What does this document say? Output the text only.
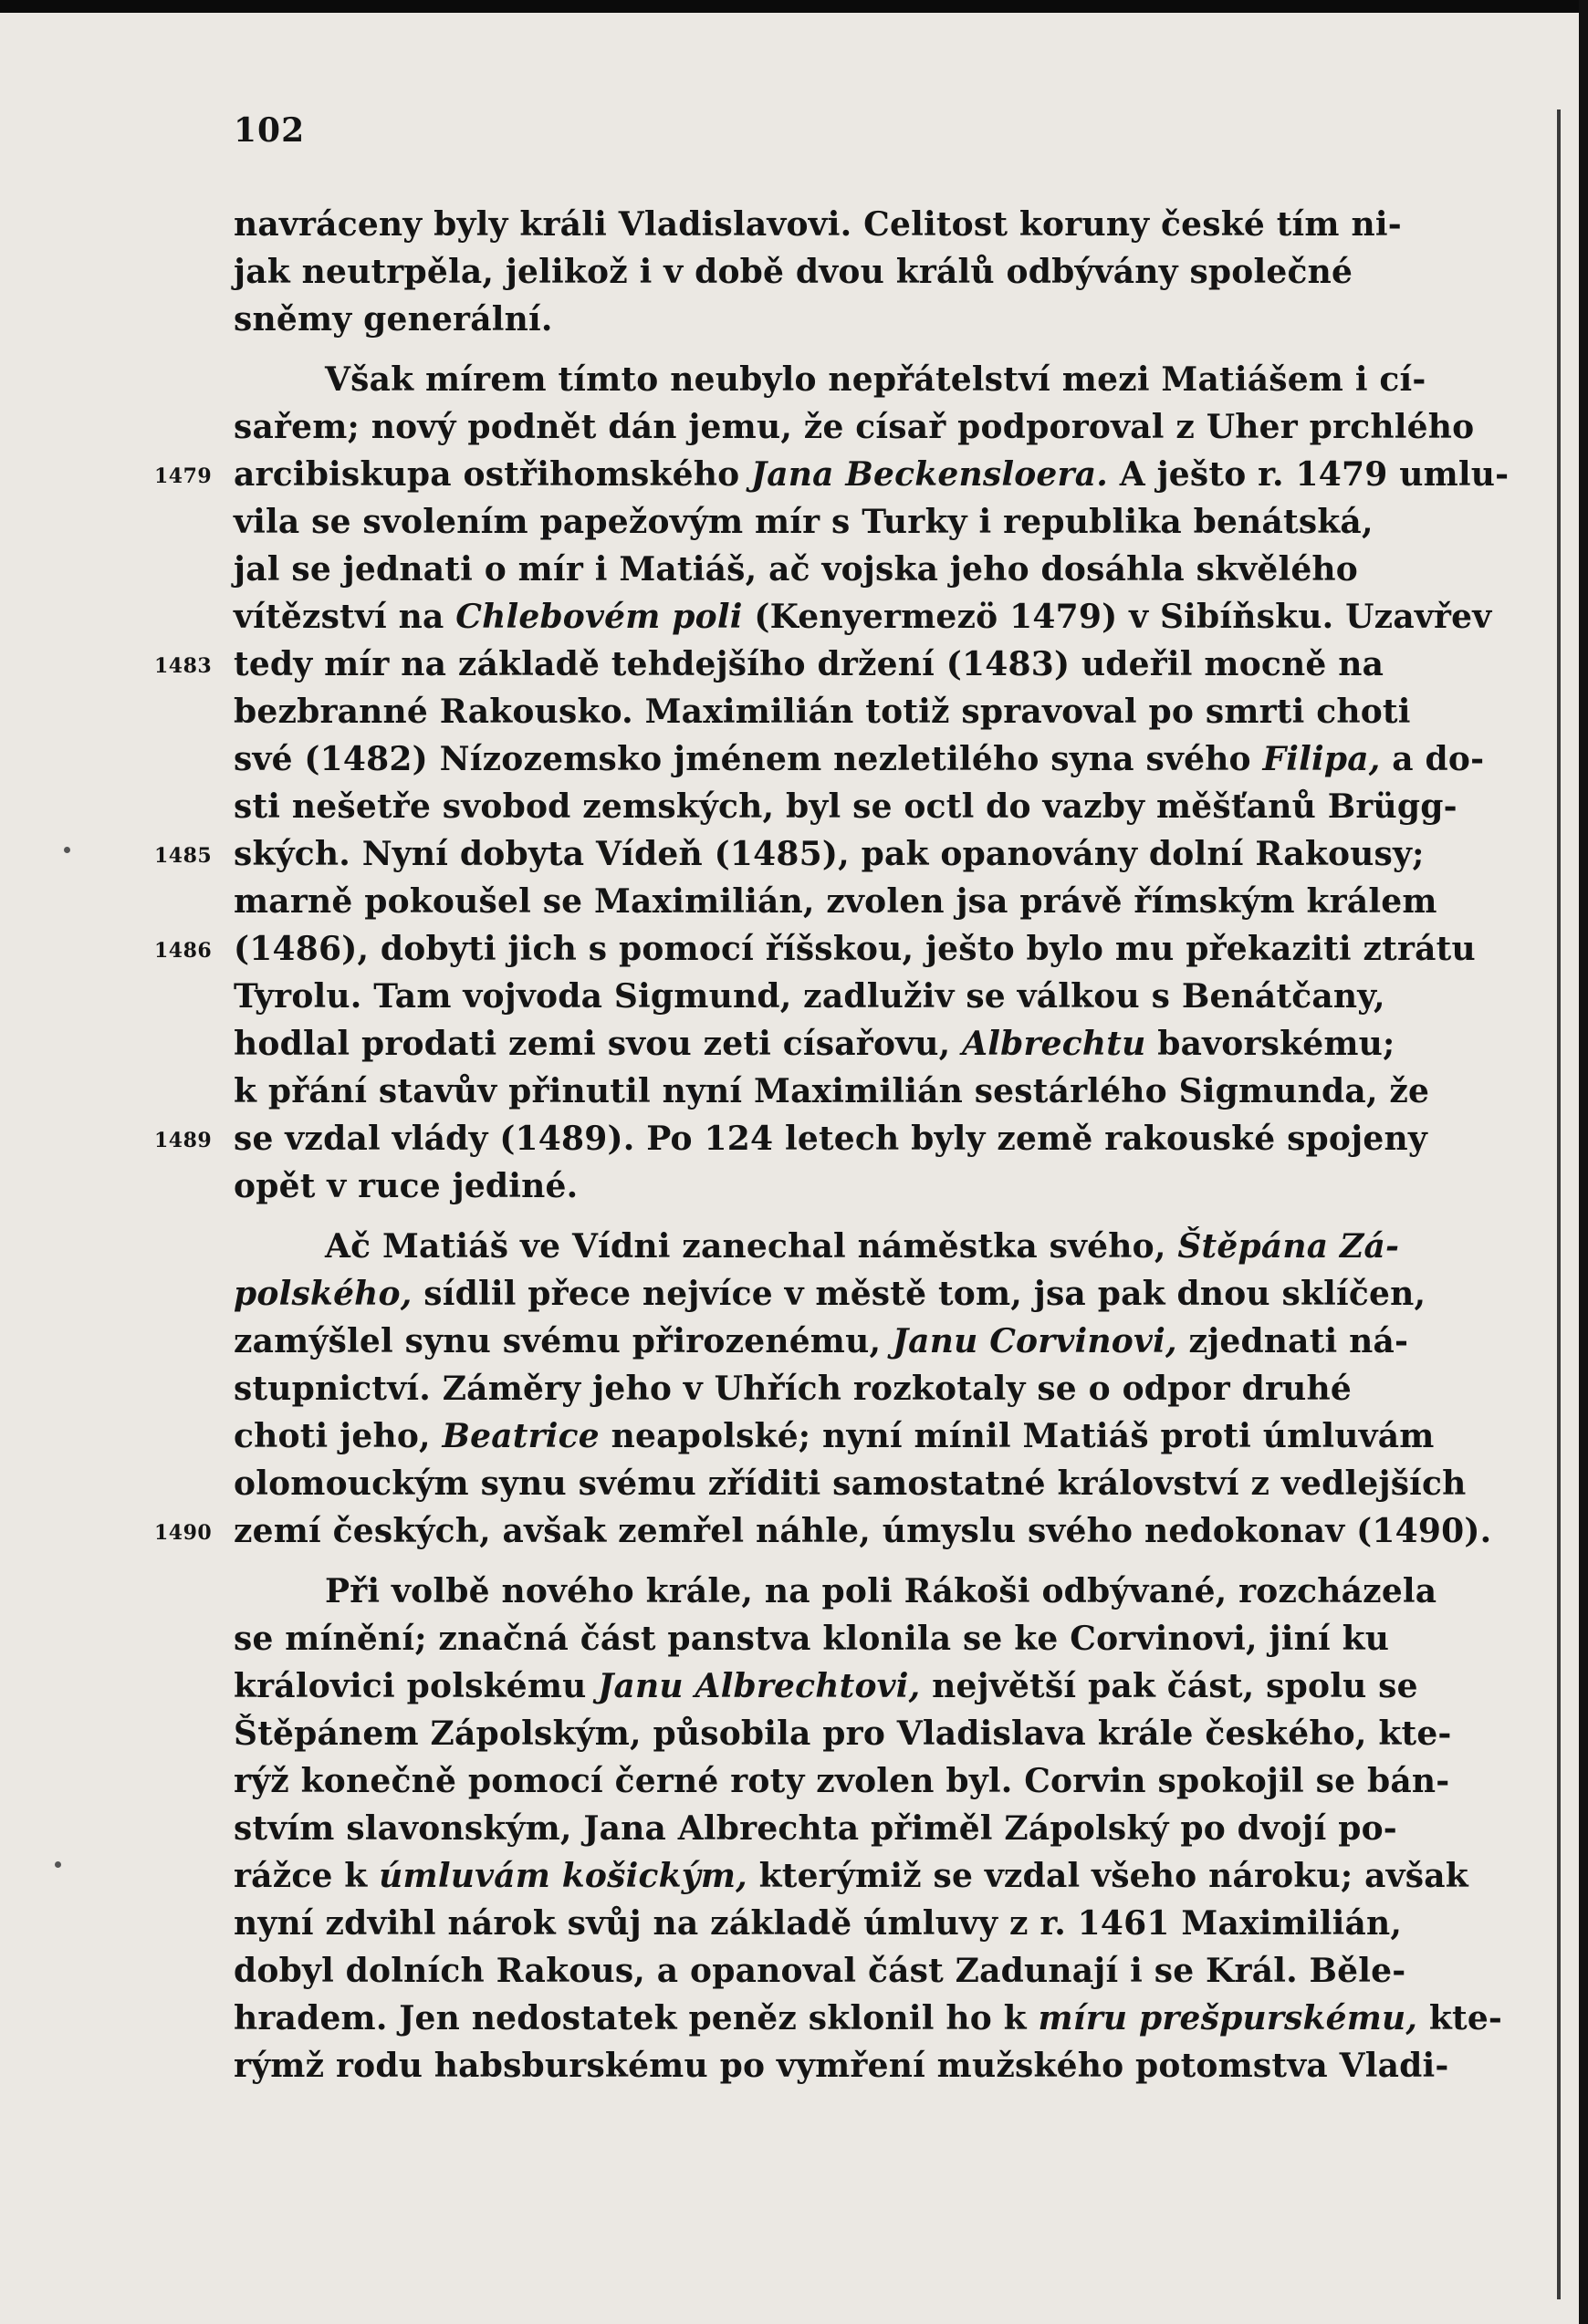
102
navráceny byly králi Vladislavovi. Celitost koruny české tím ni-
jak neutrpěla, jelikož i v době dvou králů odbývány společné
sněmy generální.
Však mírem tímto neubylo nepřátelství mezi Matiášem i cí-
sařem; nový podnět dán jemu, že císař podporoval z Uher prchlého
1479 arcibiskupa ostřihomského Jana Beckensloera. A ještо r. 1479 umlu-
vila se svolením papežovým mír s Turky i republika benátská,
jal se jednati o mír i Matiáš, ač vojska jeho dosáhla skvělého
vítězství na Chlebovém poli (Kenyermezö 1479) v Sibíňsku. Uzavřev
1483 tedy mír na základě tehdejšího držení (1483) udeřil mocně na
bezbranné Rakousko. Maximilián totiž spravoval po smrti choti
své (1482) Nízozemsko jménem nezletilého syna svého Filipa, a do-
sti nešetře svobod zemských, byl se octl do vazby měšťanů Brügg-
1485 ských. Nyní dobyta Vídeň (1485), pak opanovány dolní Rakousy;
marně pokoušel se Maximilián, zvolen jsa právě římským králem
1486 (1486), dobyti jich s pomocí říšskou, ještо bylo mu překaziti ztrátu
Tyrolu. Tam vojvoda Sigmund, zadluživ se válkou s Benátčany,
hodlal prodati zemi svou zeti císařovu, Albrechtu bavorskému;
k přání stavův přinutil nyní Maximilián sestárlého Sigmunda, že
1489 se vzdal vlády (1489). Po 124 letech byly země rakouské spojeny
opět v ruce jediné.
Ač Matiáš ve Vídni zanechal náměstka svého, Štěpána Zá-
polského, sídlil přece nejvíce v městě tom, jsa pak dnou sklíčen,
zamýšlel synu svému přirozenému, Janu Corvinovi, zjednati ná-
stupnictví. Záměry jeho v Uhřích rozkotaly se o odpor druhé
choti jeho, Beatrice neapolské; nyní mínil Matiáš proti úmluvám
olomouckým synu svému zříditi samostatné království z vedlejších
1490 zemí českých, avšak zemřel náhle, úmyslu svého nedokonav (1490).
Při volbě nového krále, na poli Rákoši odbývané, rozcházela
se mínění; značná část panstva klonila se ke Corvinovi, jiní ku
královici polskému Janu Albrechtovi, největší pak část, spolu se
Štěpánem Zápolským, působila pro Vladislava krále českého, kte-
rýž konečně pomocí černé roty zvolen byl. Corvin spokojil se bán-
stvím slavonským, Jana Albrechta přiměl Zápolský po dvojí po-
rážce k úmluvám košickým, kterýmiž se vzdal všeho nároku; avšak
nyní zdvihl nárok svůj na základě úmluvy z r. 1461 Maximilián,
dobyl dolních Rakous, a opanoval část Zadunají i se Král. Běle-
hradem. Jen nedostatek peněz sklonil ho k míru prešpurskému, kte-
rýmž rodu habsburskému po vymření mužského potomstva Vladi-
